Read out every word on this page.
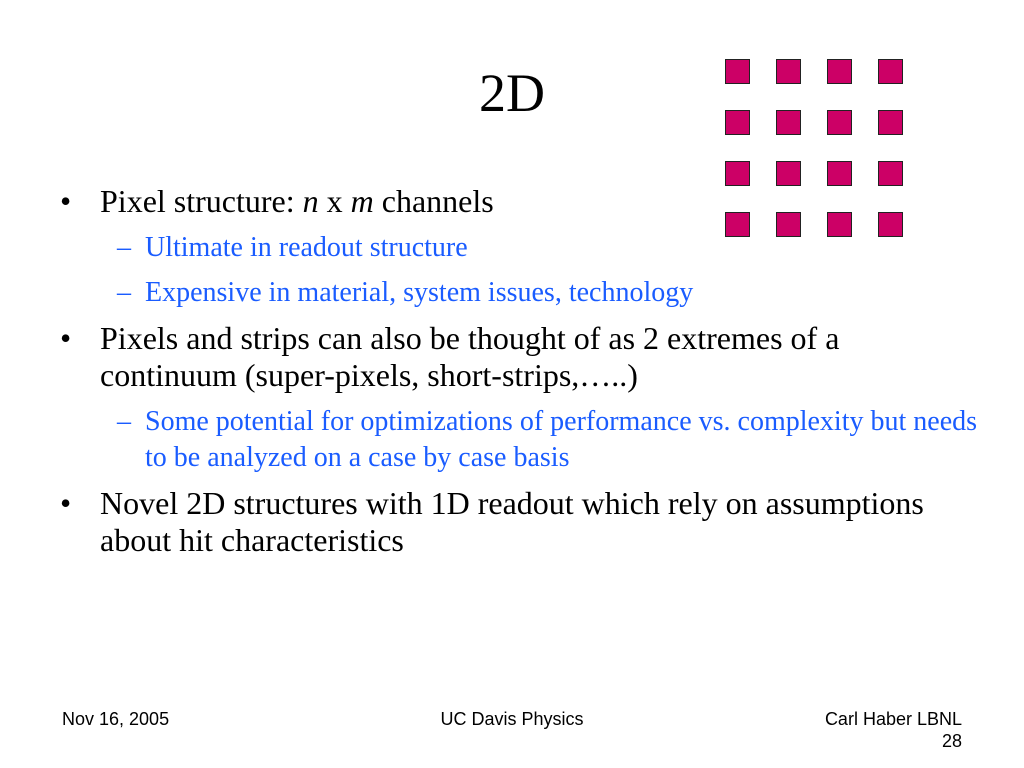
2D
• Pixel structure: n x m channels
– Ultimate in readout structure
– Expensive in material, system issues, technology
• Pixels and strips can also be thought of as 2 extremes of a continuum (super-pixels, short-strips,…..)
– Some potential for optimizations of performance vs. complexity but needs to be analyzed on a case by case basis
• Novel 2D structures with 1D readout which rely on assumptions about hit characteristics
Nov 16, 2005	UC Davis Physics	Carl Haber LBNL
28
